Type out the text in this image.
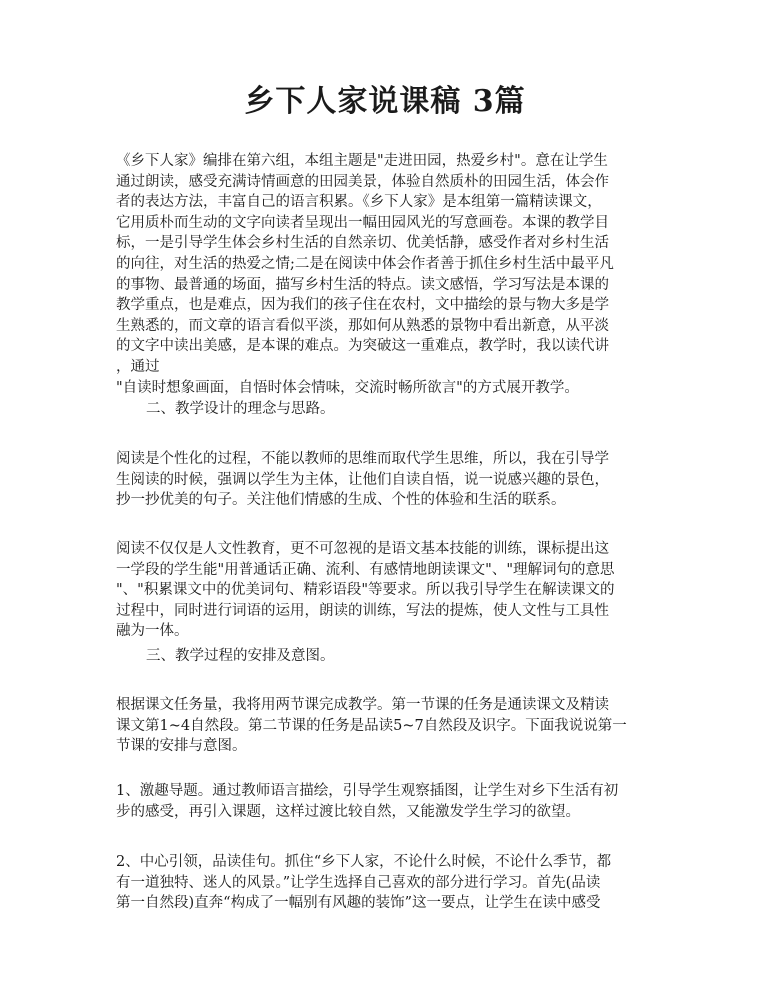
乡下人家说课稿 3篇

《乡下人家》编排在第六组，本组主题是"走进田园，热爱乡村"。意在让学生
通过朗读，感受充满诗情画意的田园美景，体验自然质朴的田园生活，体会作
者的表达方法，丰富自己的语言积累。《乡下人家》是本组第一篇精读课文，
它用质朴而生动的文字向读者呈现出一幅田园风光的写意画卷。本课的教学目
标，一是引导学生体会乡村生活的自然亲切、优美恬静，感受作者对乡村生活
的向往，对生活的热爱之情;二是在阅读中体会作者善于抓住乡村生活中最平凡
的事物、最普通的场面，描写乡村生活的特点。读文感悟，学习写法是本课的
教学重点，也是难点，因为我们的孩子住在农村，文中描绘的景与物大多是学
生熟悉的，而文章的语言看似平淡，那如何从熟悉的景物中看出新意，从平淡
的文字中读出美感，是本课的难点。为突破这一重难点，教学时，我以读代讲
，通过
"自读时想象画面，自悟时体会情味，交流时畅所欲言"的方式展开教学。

二、教学设计的理念与思路。

阅读是个性化的过程，不能以教师的思维而取代学生思维，所以，我在引导学
生阅读的时候，强调以学生为主体，让他们自读自悟，说一说感兴趣的景色，
抄一抄优美的句子。关注他们情感的生成、个性的体验和生活的联系。

阅读不仅仅是人文性教育，更不可忽视的是语文基本技能的训练，课标提出这
一学段的学生能"用普通话正确、流利、有感情地朗读课文"、"理解词句的意思
"、"积累课文中的优美词句、精彩语段"等要求。所以我引导学生在解读课文的
过程中，同时进行词语的运用，朗读的训练，写法的提炼，使人文性与工具性
融为一体。

三、教学过程的安排及意图。

根据课文任务量，我将用两节课完成教学。第一节课的任务是通读课文及精读
课文第1~4自然段。第二节课的任务是品读5~7自然段及识字。下面我说说第一
节课的安排与意图。

1、激趣导题。通过教师语言描绘，引导学生观察插图，让学生对乡下生活有初
步的感受，再引入课题，这样过渡比较自然，又能激发学生学习的欲望。

2、中心引领，品读佳句。抓住“乡下人家，不论什么时候，不论什么季节，都
有一道独特、迷人的风景。”让学生选择自己喜欢的部分进行学习。首先(品读
第一自然段)直奔“构成了一幅别有风趣的装饰”这一要点，让学生在读中感受
